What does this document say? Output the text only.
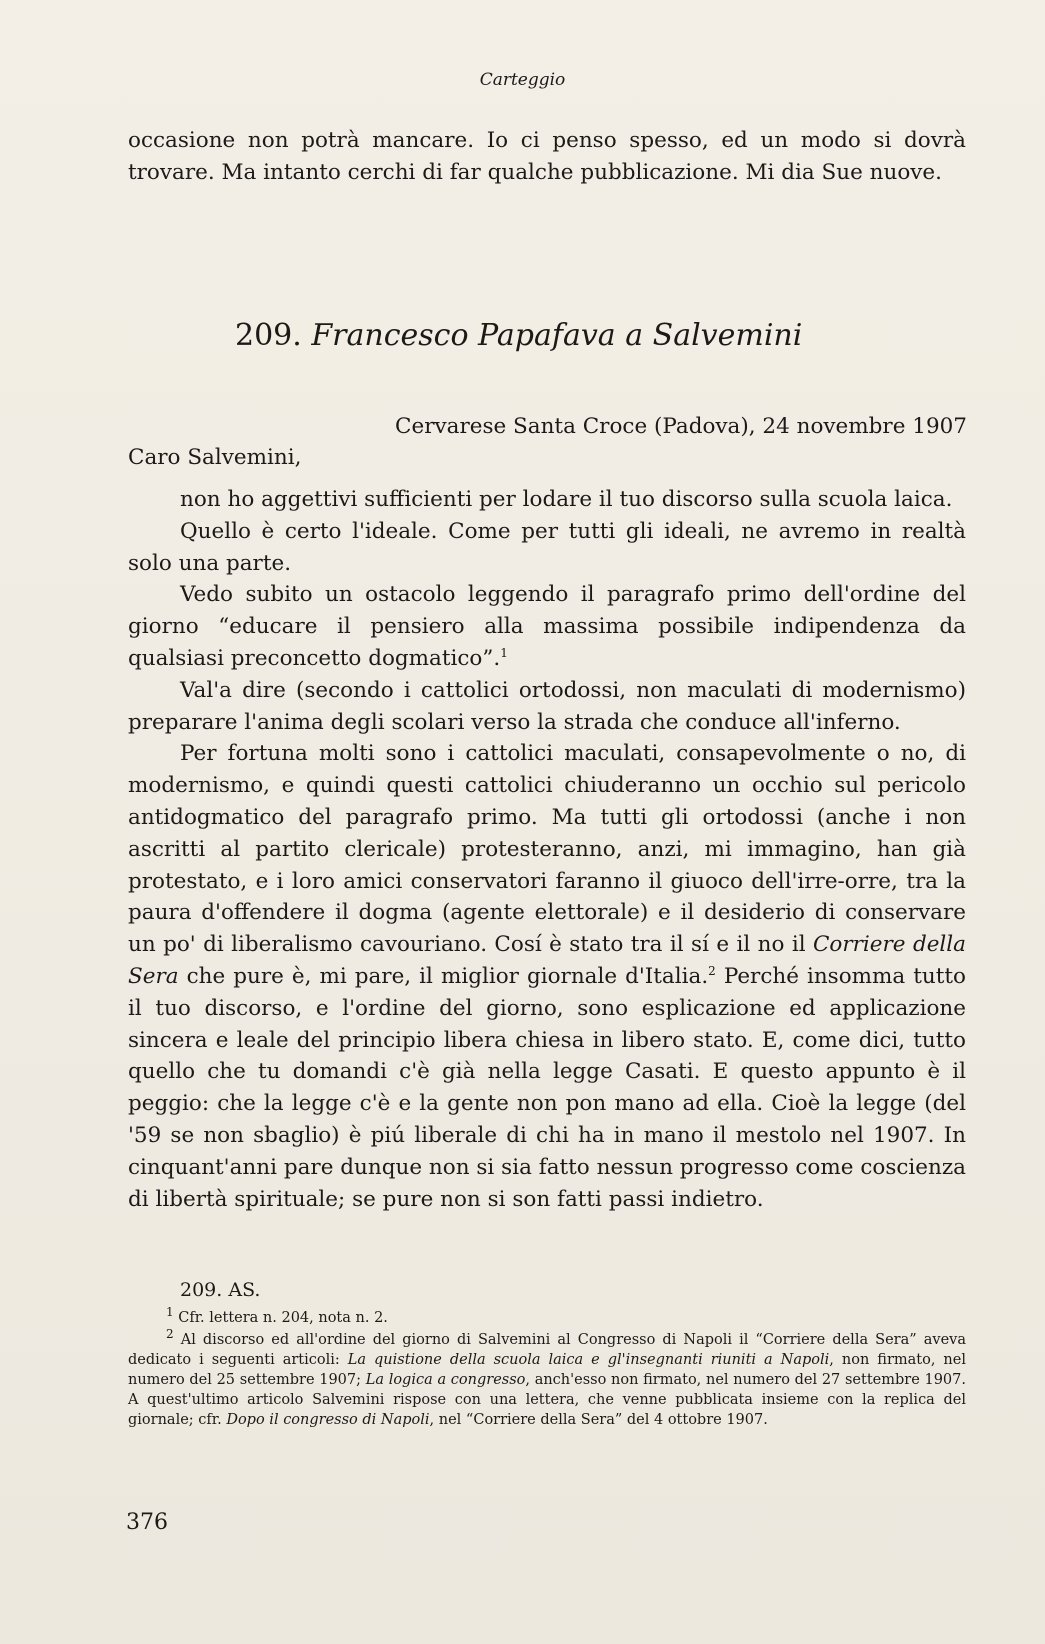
Carteggio

occasione non potrà mancare. Io ci penso spesso, ed un modo si dovrà trovare. Ma intanto cerchi di far qualche pubblicazione. Mi dia Sue nuove.

209. Francesco Papafava a Salvemini
Cervarese Santa Croce (Padova), 24 novembre 1907
Caro Salvemini,

non ho aggettivi sufficienti per lodare il tuo discorso sulla scuola laica.

Quello è certo l'ideale. Come per tutti gli ideali, ne avremo in realtà solo una parte.

Vedo subito un ostacolo leggendo il paragrafo primo dell'ordine del giorno “educare il pensiero alla massima possibile indipendenza da qualsiasi preconcetto dogmatico”.$^1$

Val'a dire (secondo i cattolici ortodossi, non maculati di modernismo) preparare l'anima degli scolari verso la strada che conduce all'inferno.

Per fortuna molti sono i cattolici maculati, consapevolmente o no, di modernismo, e quindi questi cattolici chiuderanno un occhio sul pericolo antidogmatico del paragrafo primo. Ma tutti gli ortodossi (anche i non ascritti al partito clericale) protesteranno, anzi, mi immagino, han già protestato, e i loro amici conservatori faranno il giuoco dell'irre-orre, tra la paura d'offendere il dogma (agente elettorale) e il desiderio di conservare un po' di liberalismo cavouriano. Cosí è stato tra il sí e il no il Corriere della Sera che pure è, mi pare, il miglior giornale d'Italia.$^2$ Perché insomma tutto il tuo discorso, e l'ordine del giorno, sono esplicazione ed applicazione sincera e leale del principio libera chiesa in libero stato. E, come dici, tutto quello che tu domandi c'è già nella legge Casati. E questo appunto è il peggio: che la legge c'è e la gente non pon mano ad ella. Cioè la legge (del '59 se non sbaglio) è piú liberale di chi ha in mano il mestolo nel 1907. In cinquant'anni pare dunque non si sia fatto nessun progresso come coscienza di libertà spirituale; se pure non si son fatti passi indietro.

209. AS.

$^1$ Cfr. lettera n. 204, nota n. 2.

$^2$ Al discorso ed all'ordine del giorno di Salvemini al Congresso di Napoli il “Corriere della Sera” aveva dedicato i seguenti articoli: La quistione della scuola laica e gl'insegnanti riuniti a Napoli, non firmato, nel numero del 25 settembre 1907; La logica a congresso, anch'esso non firmato, nel numero del 27 settembre 1907. A quest'ultimo articolo Salvemini rispose con una lettera, che venne pubblicata insieme con la replica del giornale; cfr. Dopo il congresso di Napoli, nel “Corriere della Sera” del 4 ottobre 1907.

376
